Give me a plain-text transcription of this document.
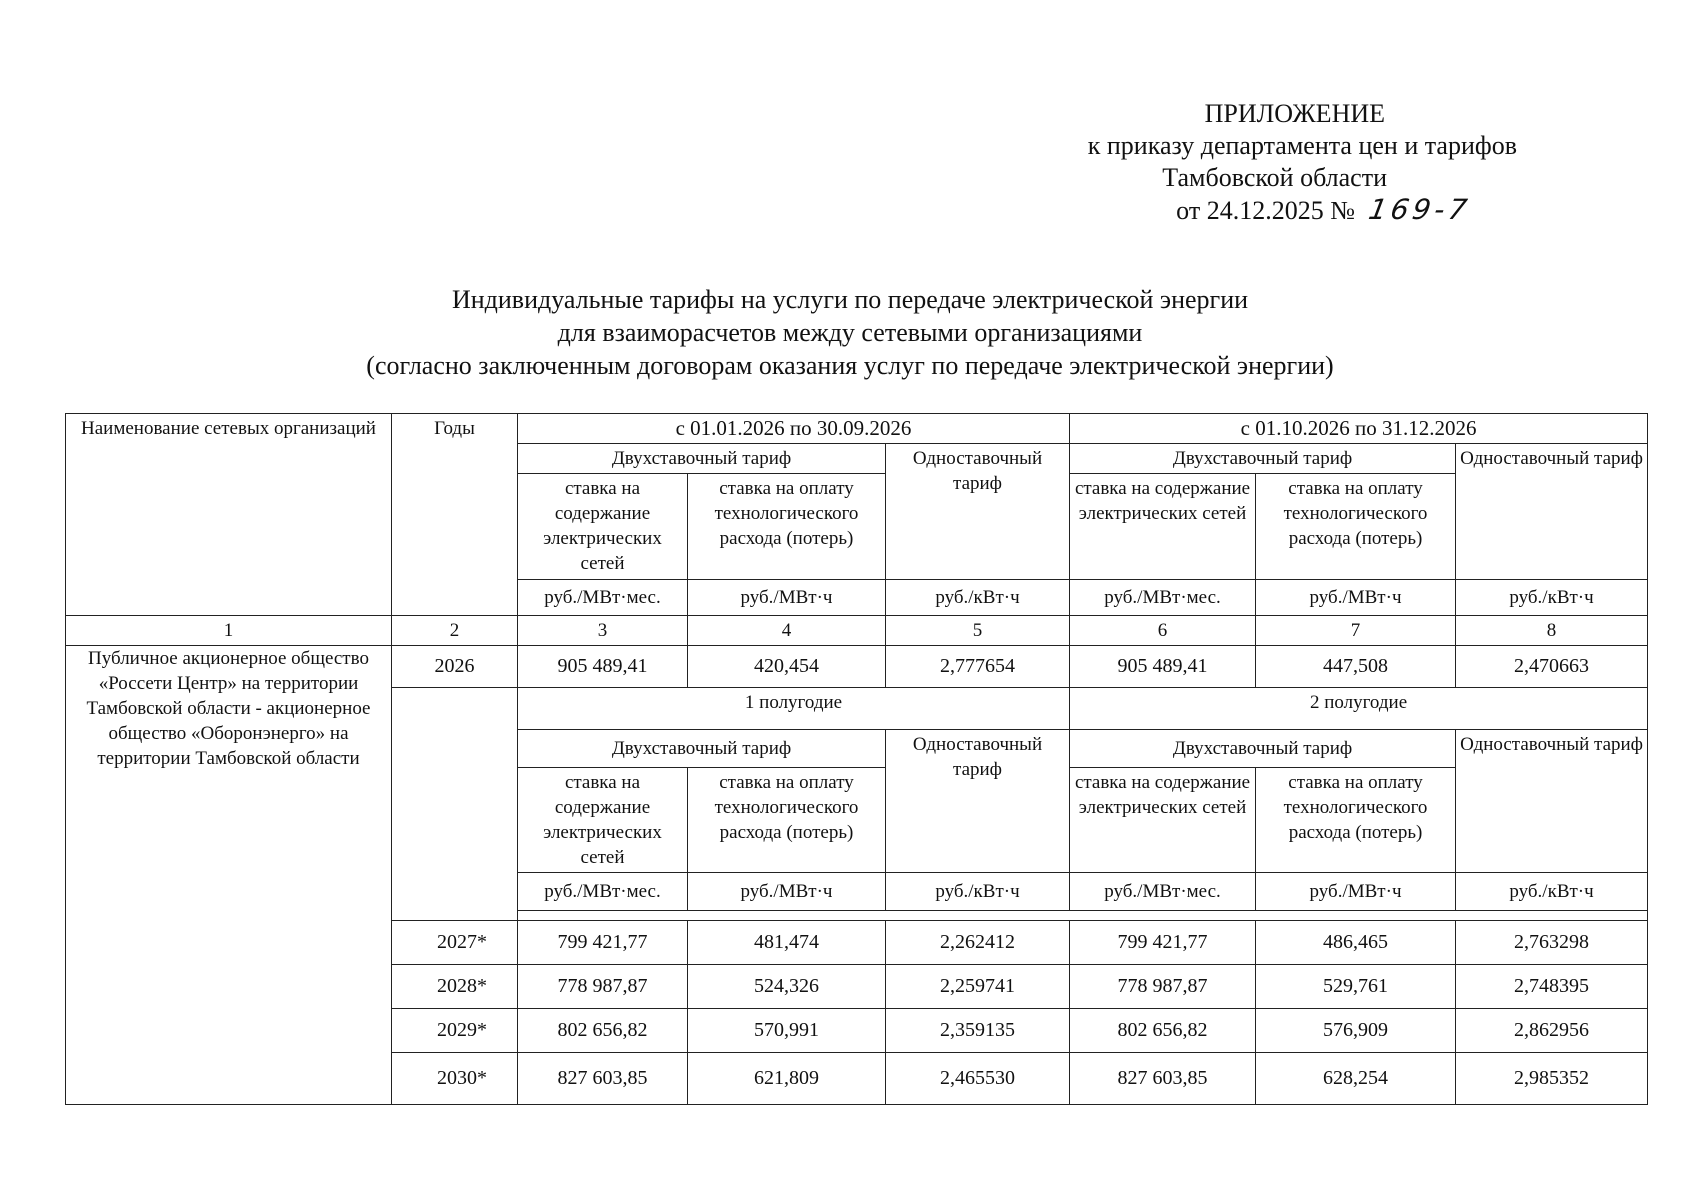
ПРИЛОЖЕНИЕ
к приказу департамента цен и тарифов
Тамбовской области
от 24.12.2025 № 169-7
Индивидуальные тарифы на услуги по передаче электрической энергии
для взаиморасчетов между сетевыми организациями
(согласно заключенным договорам оказания услуг по передаче электрической энергии)
Наименование сетевых организаций	Годы	с 01.01.2026 по 30.09.2026			с 01.10.2026 по 31.12.2026		
		Двухставочный тариф		Одноставочный тариф	Двухставочный тариф		Одноставочный тариф
		ставка на содержание электрических сетей	ставка на оплату технологического расхода (потерь)		ставка на содержание электрических сетей	ставка на оплату технологического расхода (потерь)	
		руб./МВт·мес.	руб./МВт·ч	руб./кВт·ч	руб./МВт·мес.	руб./МВт·ч	руб./кВт·ч
1	2	3	4	5	6	7	8
Публичное акционерное общество «Россети Центр» на территории Тамбовской области - акционерное общество «Оборонэнерго» на территории Тамбовской области	2026	905 489,41	420,454	2,777654	905 489,41	447,508	2,470663
		1 полугодие			2 полугодие		
		Двухставочный тариф		Одноставочный тариф	Двухставочный тариф		Одноставочный тариф
		ставка на содержание электрических сетей	ставка на оплату технологического расхода (потерь)		ставка на содержание электрических сетей	ставка на оплату технологического расхода (потерь)	
		руб./МВт·мес.	руб./МВт·ч	руб./кВт·ч	руб./МВт·мес.	руб./МВт·ч	руб./кВт·ч

	2027*	799 421,77	481,474	2,262412	799 421,77	486,465	2,763298
	2028*	778 987,87	524,326	2,259741	778 987,87	529,761	2,748395
	2029*	802 656,82	570,991	2,359135	802 656,82	576,909	2,862956
	2030*	827 603,85	621,809	2,465530	827 603,85	628,254	2,985352
